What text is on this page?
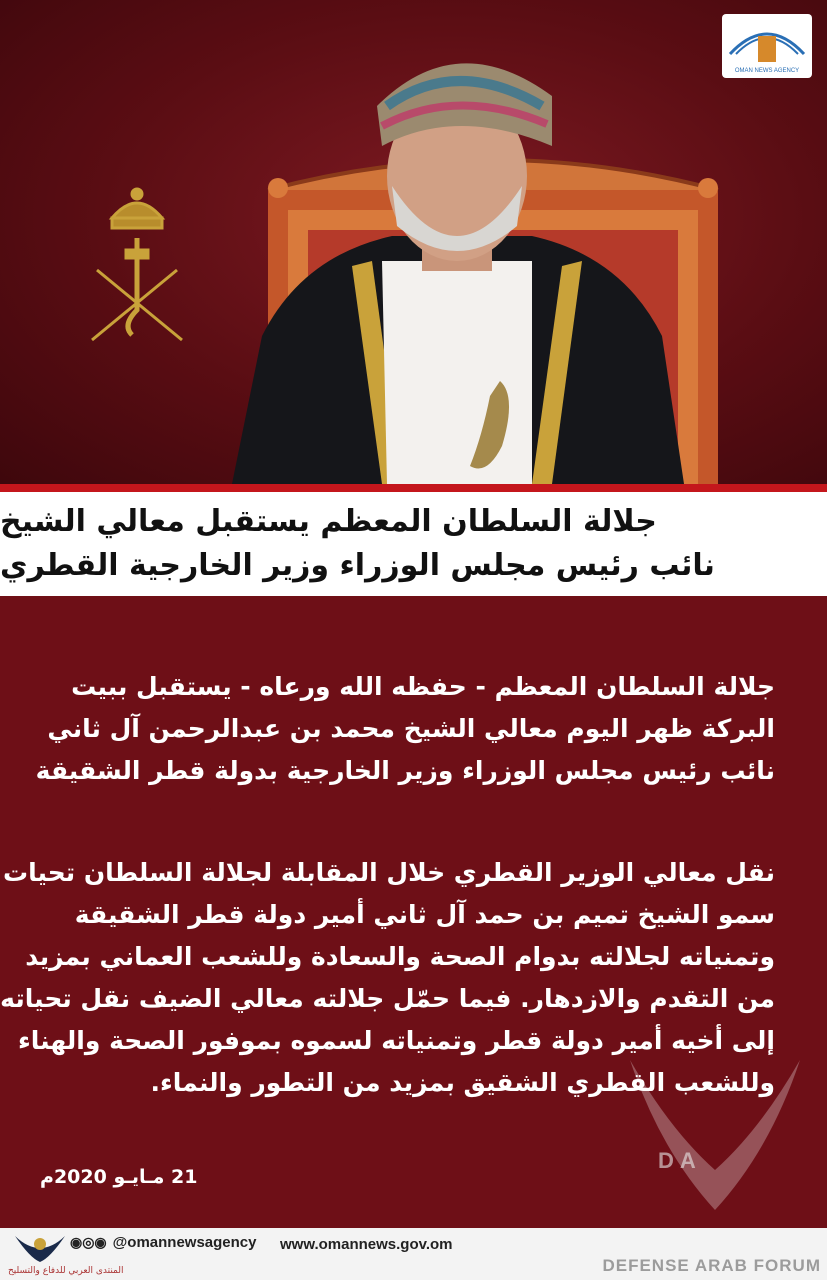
OMAN NEWS AGENCY
جلالة السلطان المعظم يستقبل معالي الشيخ
نائب رئيس مجلس الوزراء وزير الخارجية القطري
جلالة السلطان المعظم - حفظه الله ورعاه - يستقبل ببيت
البركة ظهر اليوم معالي الشيخ محمد بن عبدالرحمن آل ثاني
نائب رئيس مجلس الوزراء وزير الخارجية بدولة قطر الشقيقة
نقل معالي الوزير القطري خلال المقابلة لجلالة السلطان تحيات
سمو الشيخ تميم بن حمد آل ثاني أمير دولة قطر الشقيقة
وتمنياته لجلالته بدوام الصحة والسعادة وللشعب العماني بمزيد
من التقدم والازدهار. فيما حمّل جلالته معالي الضيف نقل تحياته
إلى أخيه أمير دولة قطر وتمنياته لسموه بموفور الصحة والهناء
وللشعب القطري الشقيق بمزيد من التطور والنماء.
DA
21 مـايـو 2020م
◉◎◉ @omannewsagency www.omannews.gov.om
المنتدى العربي للدفاع والتسليح	DEFENSE ARAB FORUM
